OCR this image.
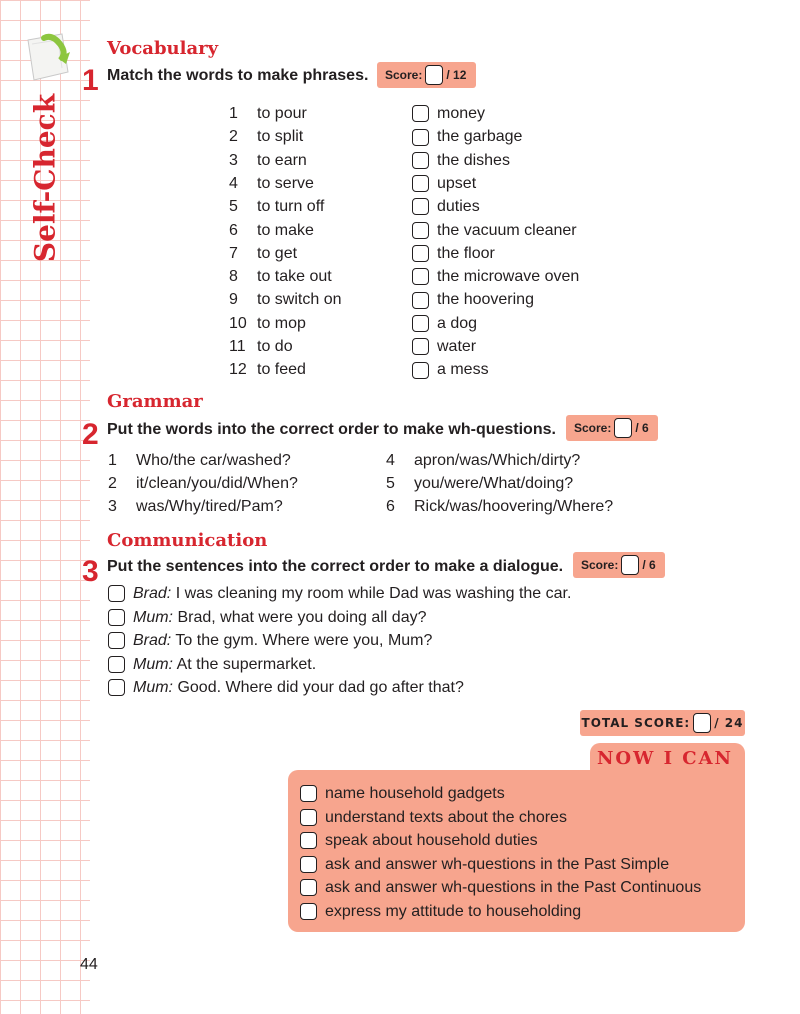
Self-Check
Vocabulary
1 Match the words to make phrases. Score: / 12
1 to pour
2 to split
3 to earn
4 to serve
5 to turn off
6 to make
7 to get
8 to take out
9 to switch on
10 to mop
11 to do
12 to feed
money
the garbage
the dishes
upset
duties
the vacuum cleaner
the floor
the microwave oven
the hoovering
a dog
water
a mess
Grammar
2 Put the words into the correct order to make wh-questions. Score: / 6
1 Who/the car/washed?
2 it/clean/you/did/When?
3 was/Why/tired/Pam?
4 apron/was/Which/dirty?
5 you/were/What/doing?
6 Rick/was/hoovering/Where?
Communication
3 Put the sentences into the correct order to make a dialogue. Score: / 6
Brad: I was cleaning my room while Dad was washing the car.
Mum: Brad, what were you doing all day?
Brad: To the gym. Where were you, Mum?
Mum: At the supermarket.
Mum: Good. Where did your dad go after that?
TOTAL SCORE: / 24
NOW I CAN
name household gadgets
understand texts about the chores
speak about household duties
ask and answer wh-questions in the Past Simple
ask and answer wh-questions in the Past Continuous
express my attitude to householding
44
